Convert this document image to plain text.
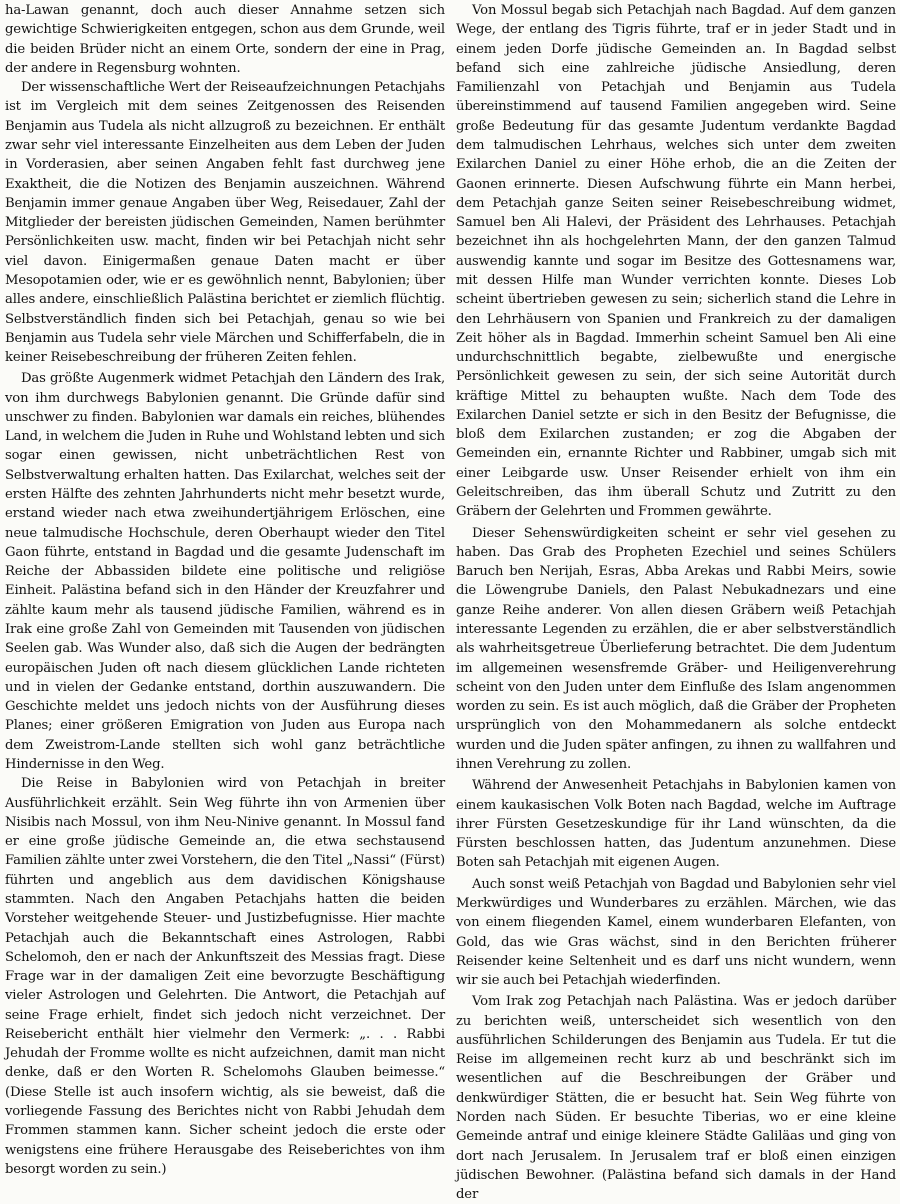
ha-Lawan genannt, doch auch dieser Annahme setzen sich gewichtige Schwierigkeiten entgegen, schon aus dem Grunde, weil die beiden Brüder nicht an einem Orte, sondern der eine in Prag, der andere in Regensburg wohnten.

Der wissenschaftliche Wert der Reiseaufzeichnungen Petachjahs ist im Vergleich mit dem seines Zeitgenossen des Reisenden Benjamin aus Tudela als nicht allzugroß zu bezeichnen. Er enthält zwar sehr viel interessante Einzelheiten aus dem Leben der Juden in Vorderasien, aber seinen Angaben fehlt fast durchweg jene Exaktheit, die die Notizen des Benjamin auszeichnen. Während Benjamin immer genaue Angaben über Weg, Reisedauer, Zahl der Mitglieder der bereisten jüdischen Gemeinden, Namen berühmter Persönlichkeiten usw. macht, finden wir bei Petachjah nicht sehr viel davon. Einigermaßen genaue Daten macht er über Mesopotamien oder, wie er es gewöhnlich nennt, Babylonien; über alles andere, einschließlich Palästina berichtet er ziemlich flüchtig. Selbstverständlich finden sich bei Petachjah, genau so wie bei Benjamin aus Tudela sehr viele Märchen und Schifferfabeln, die in keiner Reisebeschreibung der früheren Zeiten fehlen.

Das größte Augenmerk widmet Petachjah den Ländern des Irak, von ihm durchwegs Babylonien genannt. Die Gründe dafür sind unschwer zu finden. Babylonien war damals ein reiches, blühendes Land, in welchem die Juden in Ruhe und Wohlstand lebten und sich sogar einen gewissen, nicht unbeträchtlichen Rest von Selbstverwaltung erhalten hatten. Das Exilarchat, welches seit der ersten Hälfte des zehnten Jahrhunderts nicht mehr besetzt wurde, erstand wieder nach etwa zweihundertjährigem Erlöschen, eine neue talmudische Hochschule, deren Oberhaupt wieder den Titel Gaon führte, entstand in Bagdad und die gesamte Judenschaft im Reiche der Abbassiden bildete eine politische und religiöse Einheit. Palästina befand sich in den Händer der Kreuzfahrer und zählte kaum mehr als tausend jüdische Familien, während es in Irak eine große Zahl von Gemeinden mit Tausenden von jüdischen Seelen gab. Was Wunder also, daß sich die Augen der bedrängten europäischen Juden oft nach diesem glücklichen Lande richteten und in vielen der Gedanke entstand, dorthin auszuwandern. Die Geschichte meldet uns jedoch nichts von der Ausführung dieses Planes; einer größeren Emigration von Juden aus Europa nach dem Zweistrom-Lande stellten sich wohl ganz beträchtliche Hindernisse in den Weg.

Die Reise in Babylonien wird von Petachjah in breiter Ausführlichkeit erzählt. Sein Weg führte ihn von Armenien über Nisibis nach Mossul, von ihm Neu-Ninive genannt. In Mossul fand er eine große jüdische Gemeinde an, die etwa sechstausend Familien zählte unter zwei Vorstehern, die den Titel „Nassi“ (Fürst) führten und angeblich aus dem davidischen Königshause stammten. Nach den Angaben Petachjahs hatten die beiden Vorsteher weitgehende Steuer- und Justizbefugnisse. Hier machte Petachjah auch die Bekanntschaft eines Astrologen, Rabbi Schelomoh, den er nach der Ankunftszeit des Messias fragt. Diese Frage war in der damaligen Zeit eine bevorzugte Beschäftigung vieler Astrologen und Gelehrten. Die Antwort, die Petachjah auf seine Frage erhielt, findet sich jedoch nicht verzeichnet. Der Reisebericht enthält hier vielmehr den Vermerk: „. . . Rabbi Jehudah der Fromme wollte es nicht aufzeichnen, damit man nicht denke, daß er den Worten R. Schelomohs Glauben beimesse.“ (Diese Stelle ist auch insofern wichtig, als sie beweist, daß die vorliegende Fassung des Berichtes nicht von Rabbi Jehudah dem Frommen stammen kann. Sicher scheint jedoch die erste oder wenigstens eine frühere Herausgabe des Reiseberichtes von ihm besorgt worden zu sein.)

Von Mossul begab sich Petachjah nach Bagdad. Auf dem ganzen Wege, der entlang des Tigris führte, traf er in jeder Stadt und in einem jeden Dorfe jüdische Gemeinden an. In Bagdad selbst befand sich eine zahlreiche jüdische Ansiedlung, deren Familienzahl von Petachjah und Benjamin aus Tudela übereinstimmend auf tausend Familien angegeben wird. Seine große Bedeutung für das gesamte Judentum verdankte Bagdad dem talmudischen Lehrhaus, welches sich unter dem zweiten Exilarchen Daniel zu einer Höhe erhob, die an die Zeiten der Gaonen erinnerte. Diesen Aufschwung führte ein Mann herbei, dem Petachjah ganze Seiten seiner Reisebeschreibung widmet, Samuel ben Ali Halevi, der Präsident des Lehrhauses. Petachjah bezeichnet ihn als hochgelehrten Mann, der den ganzen Talmud auswendig kannte und sogar im Besitze des Gottesnamens war, mit dessen Hilfe man Wunder verrichten konnte. Dieses Lob scheint übertrieben gewesen zu sein; sicherlich stand die Lehre in den Lehrhäusern von Spanien und Frankreich zu der damaligen Zeit höher als in Bagdad. Immerhin scheint Samuel ben Ali eine undurchschnittlich begabte, zielbewußte und energische Persönlichkeit gewesen zu sein, der sich seine Autorität durch kräftige Mittel zu behaupten wußte. Nach dem Tode des Exilarchen Daniel setzte er sich in den Besitz der Befugnisse, die bloß dem Exilarchen zustanden; er zog die Abgaben der Gemeinden ein, ernannte Richter und Rabbiner, umgab sich mit einer Leibgarde usw. Unser Reisender erhielt von ihm ein Geleitschreiben, das ihm überall Schutz und Zutritt zu den Gräbern der Gelehrten und Frommen gewährte.

Dieser Sehenswürdigkeiten scheint er sehr viel gesehen zu haben. Das Grab des Propheten Ezechiel und seines Schülers Baruch ben Nerijah, Esras, Abba Arekas und Rabbi Meirs, sowie die Löwengrube Daniels, den Palast Nebukadnezars und eine ganze Reihe anderer. Von allen diesen Gräbern weiß Petachjah interessante Legenden zu erzählen, die er aber selbstverständlich als wahrheitsgetreue Überlieferung betrachtet. Die dem Judentum im allgemeinen wesensfremde Gräber- und Heiligenverehrung scheint von den Juden unter dem Einfluße des Islam angenommen worden zu sein. Es ist auch möglich, daß die Gräber der Propheten ursprünglich von den Mohammedanern als solche entdeckt wurden und die Juden später anfingen, zu ihnen zu wallfahren und ihnen Verehrung zu zollen.

Während der Anwesenheit Petachjahs in Babylonien kamen von einem kaukasischen Volk Boten nach Bagdad, welche im Auftrage ihrer Fürsten Gesetzeskundige für ihr Land wünschten, da die Fürsten beschlossen hatten, das Judentum anzunehmen. Diese Boten sah Petachjah mit eigenen Augen.

Auch sonst weiß Petachjah von Bagdad und Babylonien sehr viel Merkwürdiges und Wunderbares zu erzählen. Märchen, wie das von einem fliegenden Kamel, einem wunderbaren Elefanten, von Gold, das wie Gras wächst, sind in den Berichten früherer Reisender keine Seltenheit und es darf uns nicht wundern, wenn wir sie auch bei Petachjah wiederfinden.

Vom Irak zog Petachjah nach Palästina. Was er jedoch darüber zu berichten weiß, unterscheidet sich wesentlich von den ausführlichen Schilderungen des Benjamin aus Tudela. Er tut die Reise im allgemeinen recht kurz ab und beschränkt sich im wesentlichen auf die Beschreibungen der Gräber und denkwürdiger Stätten, die er besucht hat. Sein Weg führte von Norden nach Süden. Er besuchte Tiberias, wo er eine kleine Gemeinde antraf und einige kleinere Städte Galiläas und ging von dort nach Jerusalem. In Jerusalem traf er bloß einen einzigen jüdischen Bewohner. (Palästina befand sich damals in der Hand der
